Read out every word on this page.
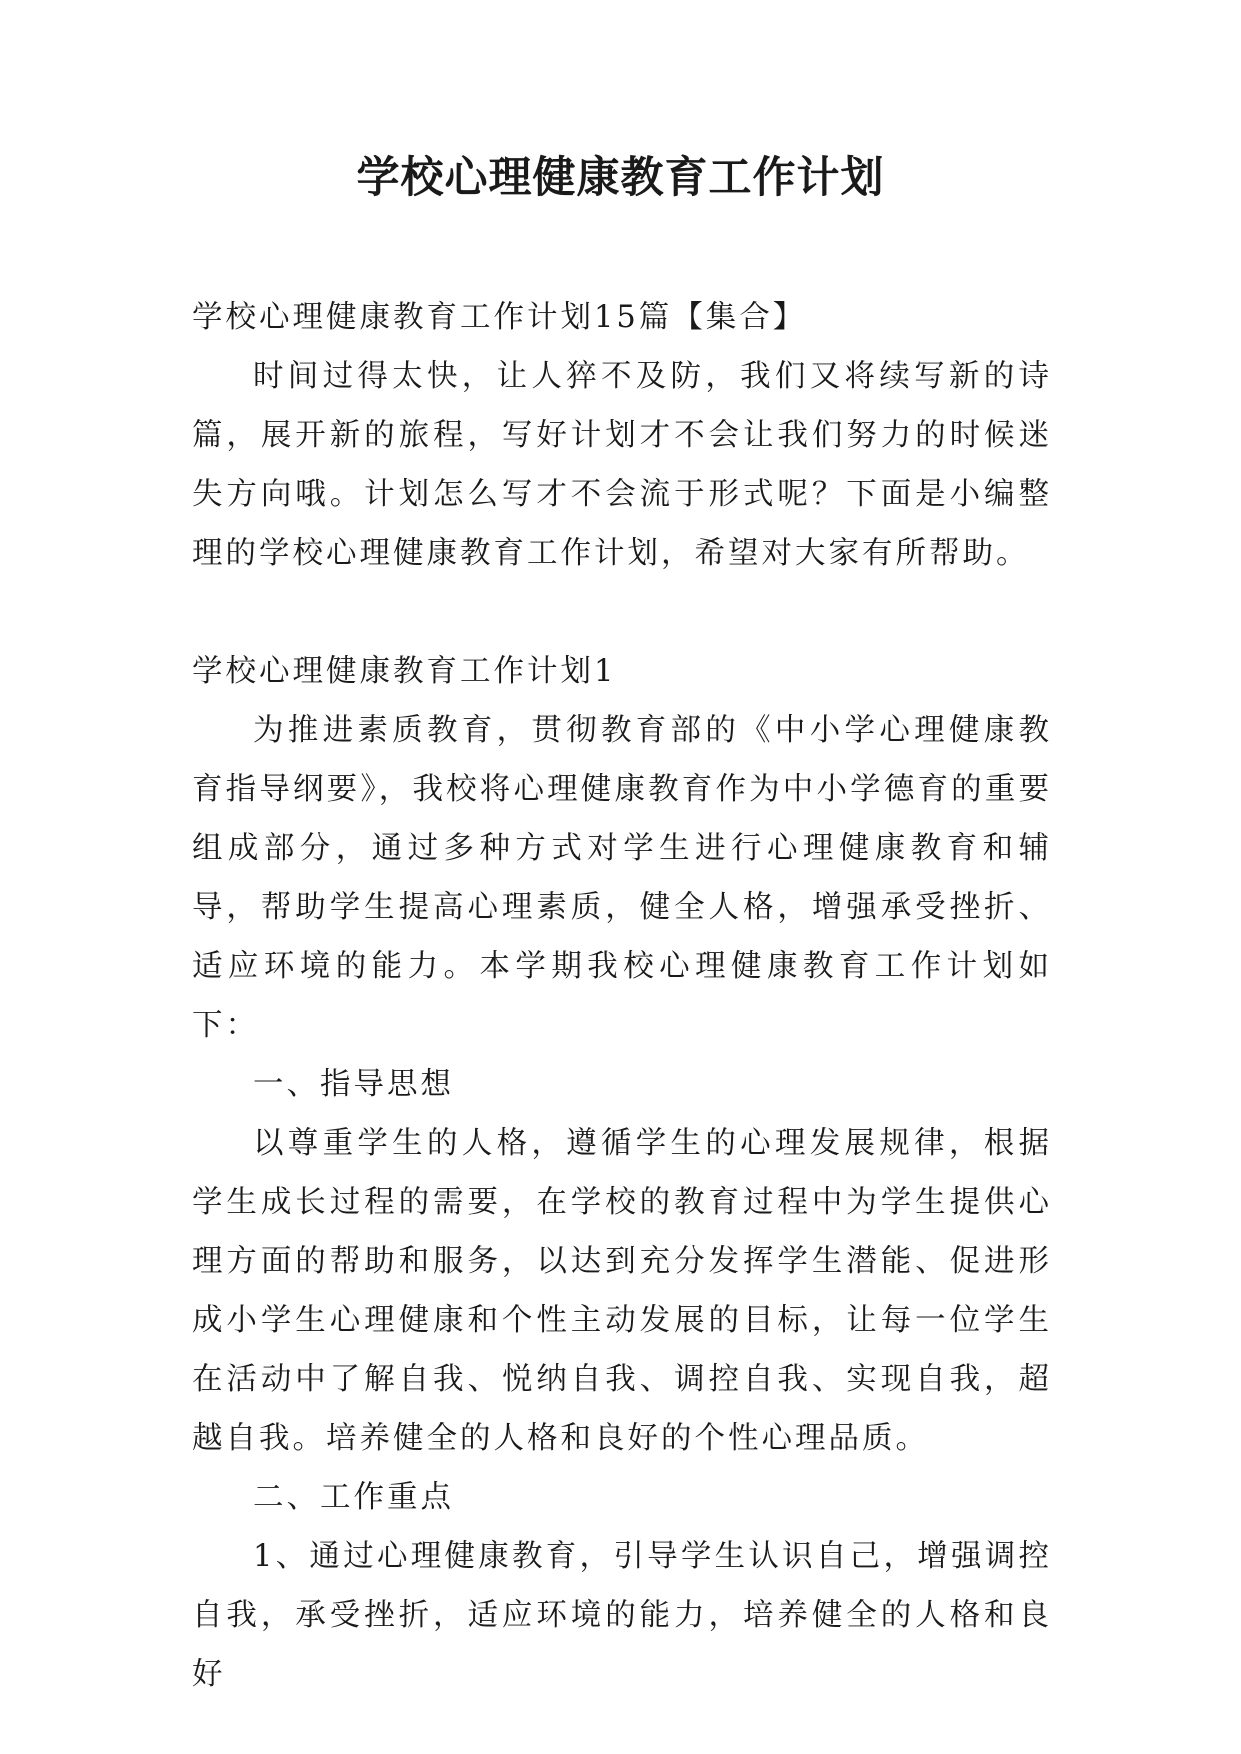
学校心理健康教育工作计划

学校心理健康教育工作计划15篇【集合】

时间过得太快，让人猝不及防，我们又将续写新的诗篇，展开新的旅程，写好计划才不会让我们努力的时候迷失方向哦。计划怎么写才不会流于形式呢？下面是小编整理的学校心理健康教育工作计划，希望对大家有所帮助。

学校心理健康教育工作计划1

为推进素质教育，贯彻教育部的《中小学心理健康教育指导纲要》，我校将心理健康教育作为中小学德育的重要组成部分，通过多种方式对学生进行心理健康教育和辅导，帮助学生提高心理素质，健全人格，增强承受挫折、适应环境的能力。本学期我校心理健康教育工作计划如下：

一、指导思想

以尊重学生的人格，遵循学生的心理发展规律，根据学生成长过程的需要，在学校的教育过程中为学生提供心理方面的帮助和服务，以达到充分发挥学生潜能、促进形成小学生心理健康和个性主动发展的目标，让每一位学生在活动中了解自我、悦纳自我、调控自我、实现自我，超越自我。培养健全的人格和良好的个性心理品质。

二、工作重点

1、通过心理健康教育，引导学生认识自己，增强调控自我，承受挫折，适应环境的能力，培养健全的人格和良好
